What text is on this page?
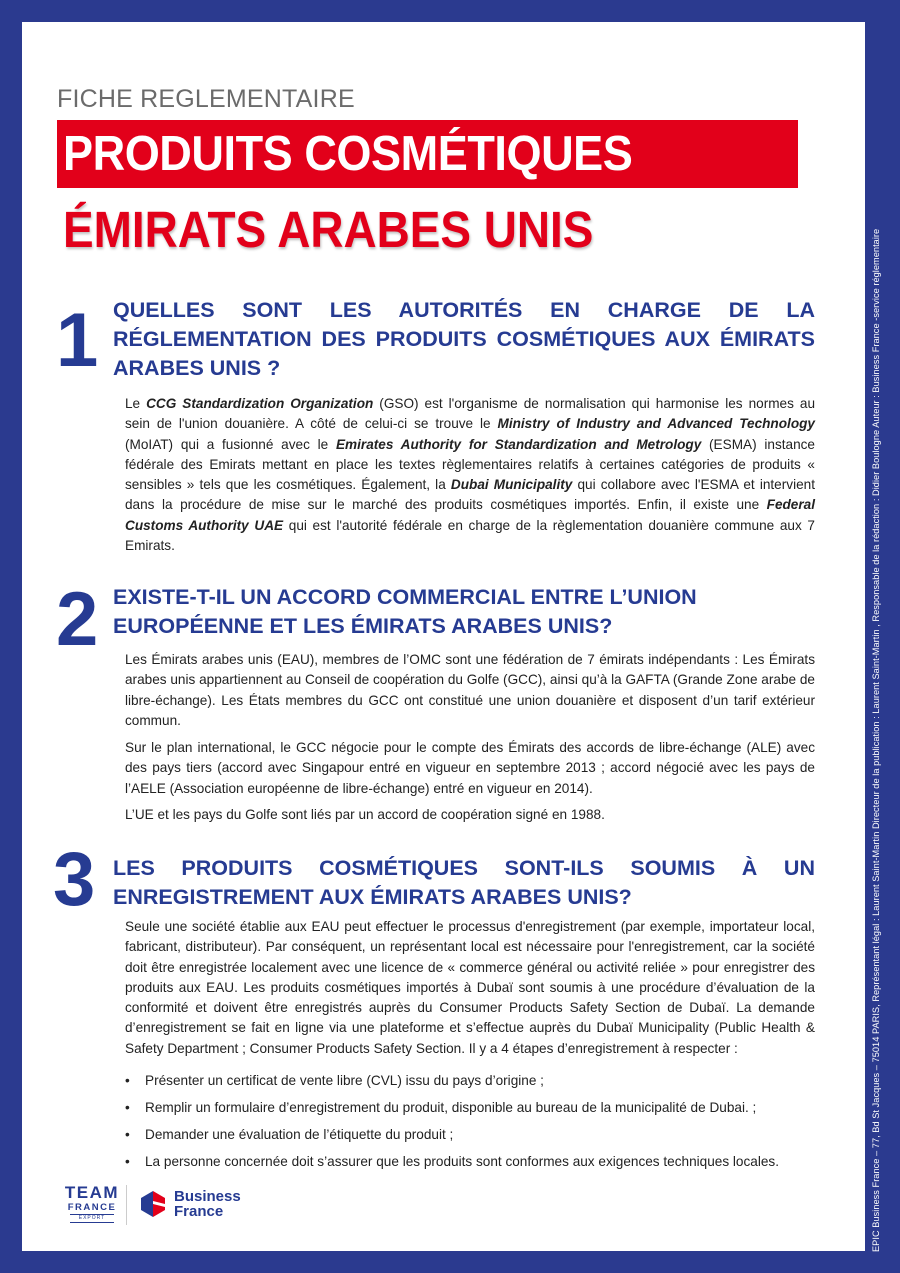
FICHE REGLEMENTAIRE
PRODUITS COSMÉTIQUES
ÉMIRATS ARABES UNIS
1 QUELLES SONT LES AUTORITÉS EN CHARGE DE LA RÉGLEMENTATION DES PRODUITS COSMÉTIQUES AUX ÉMIRATS ARABES UNIS ?

Le CCG Standardization Organization (GSO) est l'organisme de normalisation qui harmonise les normes au sein de l'union douanière. A côté de celui-ci se trouve le Ministry of Industry and Advanced Technology (MoIAT) qui a fusionné avec le Emirates Authority for Standardization and Metrology (ESMA) instance fédérale des Emirats mettant en place les textes règlementaires relatifs à certaines catégories de produits « sensibles » tels que les cosmétiques. Également, la Dubai Municipality qui collabore avec l'ESMA et intervient dans la procédure de mise sur le marché des produits cosmétiques importés. Enfin, il existe une Federal Customs Authority UAE qui est l'autorité fédérale en charge de la règlementation douanière commune aux 7 Emirats.

2 EXISTE-T-IL UN ACCORD COMMERCIAL ENTRE L’UNION EUROPÉENNE ET LES ÉMIRATS ARABES UNIS?

Les Émirats arabes unis (EAU), membres de l’OMC sont une fédération de 7 émirats indépendants : Les Émirats arabes unis appartiennent au Conseil de coopération du Golfe (GCC), ainsi qu’à la GAFTA (Grande Zone arabe de libre-échange). Les États membres du GCC ont constitué une union douanière et disposent d’un tarif extérieur commun.

Sur le plan international, le GCC négocie pour le compte des Émirats des accords de libre-échange (ALE) avec des pays tiers (accord avec Singapour entré en vigueur en septembre 2013 ; accord négocié avec les pays de l’AELE (Association européenne de libre-échange) entré en vigueur en 2014).

L’UE et les pays du Golfe sont liés par un accord de coopération signé en 1988.

3 LES PRODUITS COSMÉTIQUES SONT-ILS SOUMIS À UN ENREGISTREMENT AUX ÉMIRATS ARABES UNIS?

Seule une société établie aux EAU peut effectuer le processus d'enregistrement (par exemple, importateur local, fabricant, distributeur). Par conséquent, un représentant local est nécessaire pour l'enregistrement, car la société doit être enregistrée localement avec une licence de « commerce général ou activité reliée » pour enregistrer des produits aux EAU. Les produits cosmétiques importés à Dubaï sont soumis à une procédure d’évaluation de la conformité et doivent être enregistrés auprès du Consumer Products Safety Section de Dubaï. La demande d’enregistrement se fait en ligne via une plateforme et s’effectue auprès du Dubaï Municipality (Public Health & Safety Department ; Consumer Products Safety Section. Il y a 4 étapes d’enregistrement à respecter :

• Présenter un certificat de vente libre (CVL) issu du pays d’origine ;
• Remplir un formulaire d’enregistrement du produit, disponible au bureau de la municipalité de Dubai. ;
• Demander une évaluation de l’étiquette du produit ;
• La personne concernée doit s’assurer que les produits sont conformes aux exigences techniques locales.
TEAM
FRANCE
EXPORT
Business
France	EPIC Business France – 77, Bd St Jacques – 75014 PARIS, Représentant légal : Laurent Saint-Martin Directeur de la publication : Laurent Saint-Martin , Responsable de la rédaction : Didier Boulogne Auteur : Business France -service réglementaire
